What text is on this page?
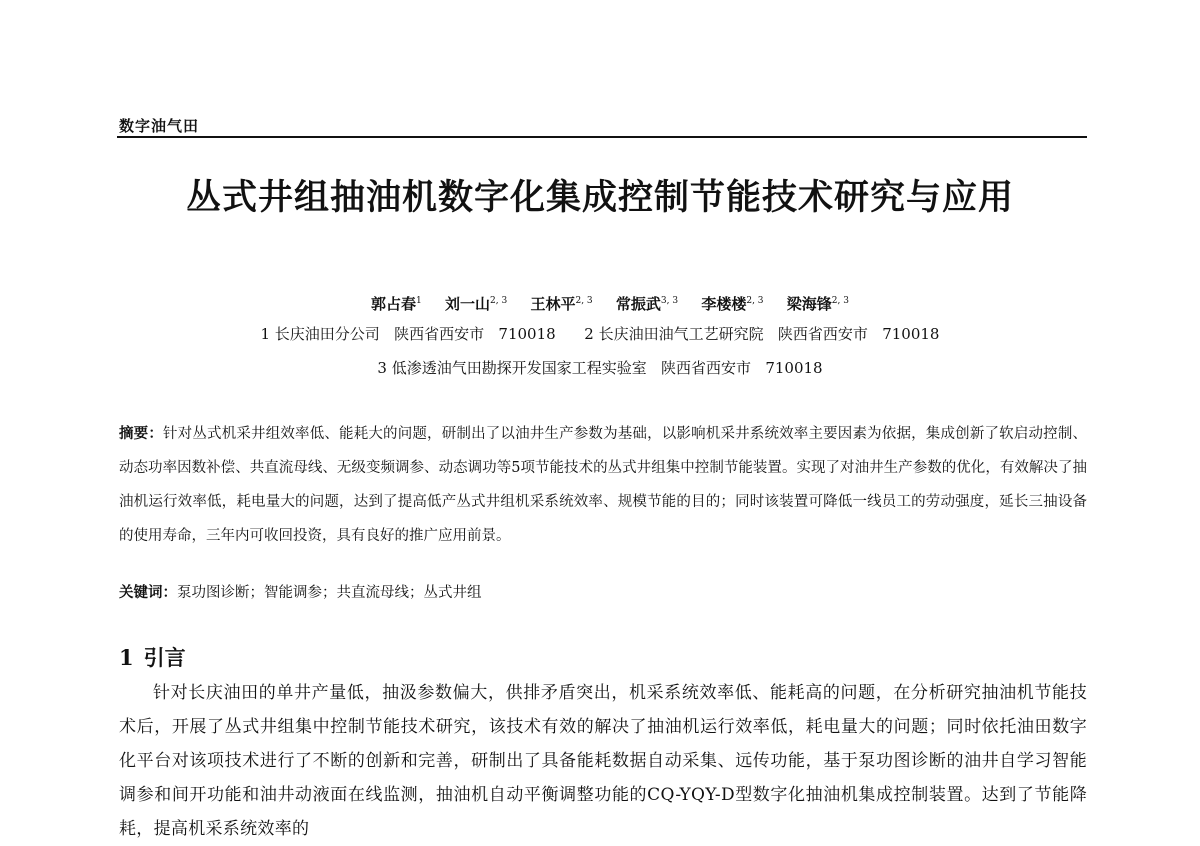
数字油气田
丛式井组抽油机数字化集成控制节能技术研究与应用
郭占春$^1$ 刘一山$^{2, 3}$ 王林平$^{2, 3}$ 常振武$^{3, 3}$ 李楼楼$^{2, 3}$ 梁海锋$^{2, 3}$
1 长庆油田分公司   陕西省西安市   710018      2 长庆油田油气工艺研究院   陕西省西安市   710018
3 低渗透油气田勘探开发国家工程实验室   陕西省西安市   710018

摘要：针对丛式机采井组效率低、能耗大的问题，研制出了以油井生产参数为基础，以影响机采井系统效率主要因素为依据，集成创新了软启动控制、动态功率因数补偿、共直流母线、无级变频调参、动态调功等5项节能技术的丛式井组集中控制节能装置。实现了对油井生产参数的优化，有效解决了抽油机运行效率低，耗电量大的问题，达到了提高低产丛式井组机采系统效率、规模节能的目的；同时该装置可降低一线员工的劳动强度，延长三抽设备的使用寿命，三年内可收回投资，具有良好的推广应用前景。

关键词：泵功图诊断；智能调参；共直流母线；丛式井组
1 引言

针对长庆油田的单井产量低，抽汲参数偏大，供排矛盾突出，机采系统效率低、能耗高的问题，在分析研究抽油机节能技术后，开展了丛式井组集中控制节能技术研究，该技术有效的解决了抽油机运行效率低，耗电量大的问题；同时依托油田数字化平台对该项技术进行了不断的创新和完善，研制出了具备能耗数据自动采集、远传功能，基于泵功图诊断的油井自学习智能调参和间开功能和油井动液面在线监测，抽油机自动平衡调整功能的CQ-YQY-D型数字化抽油机集成控制装置。达到了节能降耗，提高机采系统效率的
